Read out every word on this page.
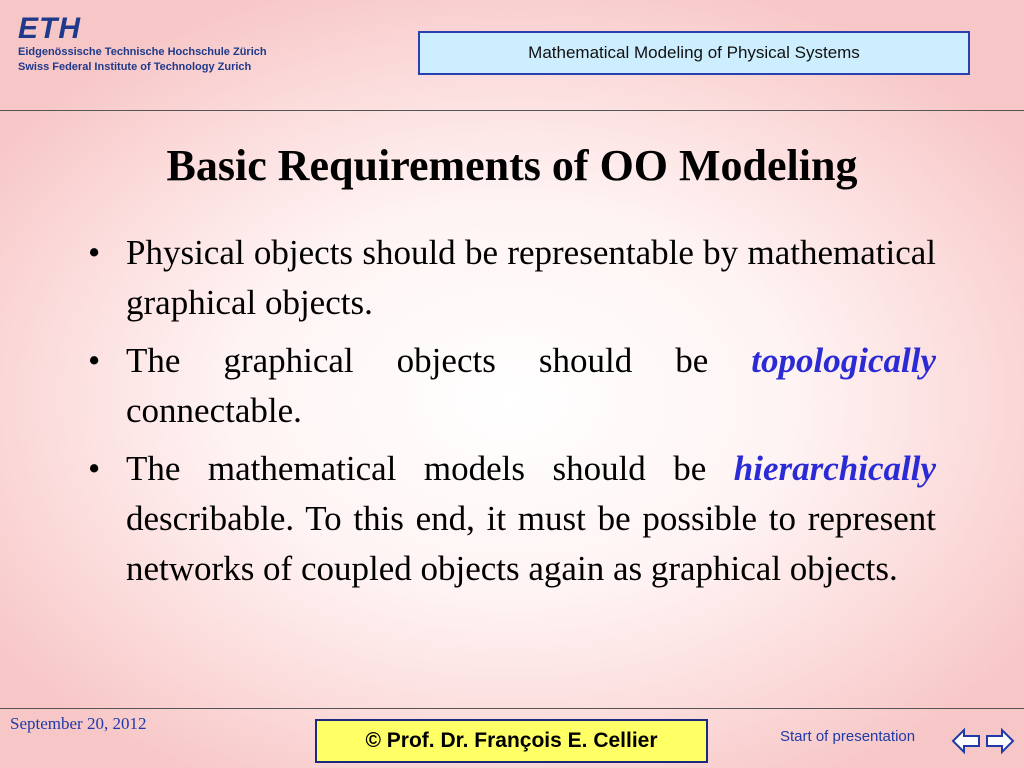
ETH
Eidgenössische Technische Hochschule Zürich
Swiss Federal Institute of Technology Zurich
Mathematical Modeling of Physical Systems
Basic Requirements of OO Modeling
• Physical objects should be representable by mathematical graphical objects.
• The graphical objects should be topologically connectable.
• The mathematical models should be hierarchically describable. To this end, it must be possible to represent networks of coupled objects again as graphical objects.
September 20, 2012
© Prof. Dr. François E. Cellier	Start of presentation
